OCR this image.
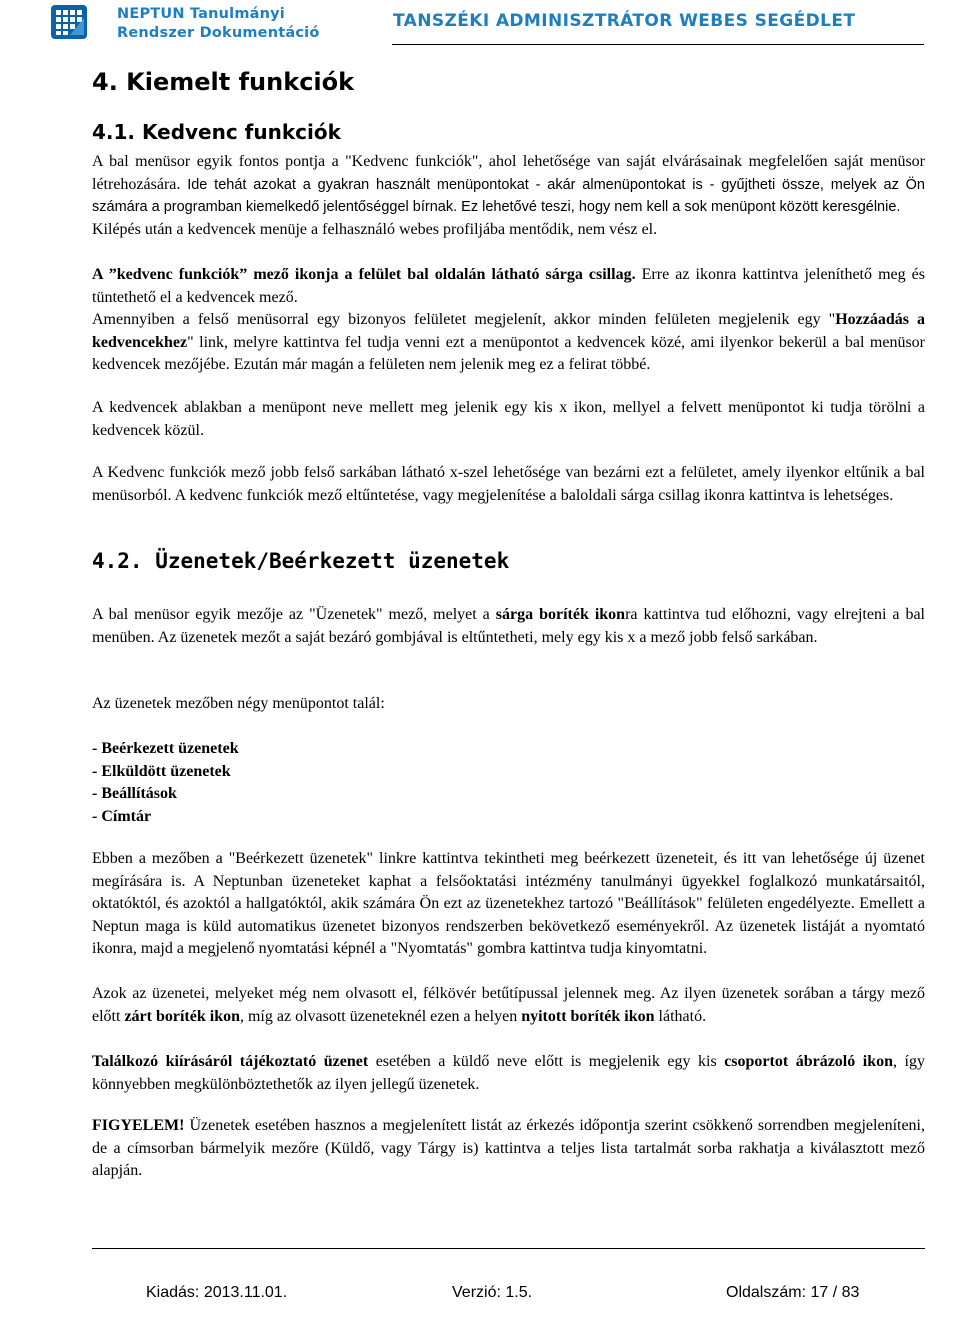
NEPTUN Tanulmányi
Rendszer Dokumentáció
TANSZÉKI ADMINISZTRÁTOR WEBES SEGÉDLET
4. Kiemelt funkciók
4.1. Kedvenc funkciók

A bal menüsor egyik fontos pontja a "Kedvenc funkciók", ahol lehetősége van saját elvárásainak megfelelően saját menüsor létrehozására. Ide tehát azokat a gyakran használt menüpontokat - akár almenüpontokat is - gyűjtheti össze, melyek az Ön számára a programban kiemelkedő jelentőséggel bírnak. Ez lehetővé teszi, hogy nem kell a sok menüpont között keresgélnie.

Kilépés után a kedvencek menüje a felhasználó webes profiljába mentődik, nem vész el.

A ”kedvenc funkciók” mező ikonja a felület bal oldalán látható sárga csillag. Erre az ikonra kattintva jeleníthető meg és tüntethető el a kedvencek mező.

Amennyiben a felső menüsorral egy bizonyos felületet megjelenít, akkor minden felületen megjelenik egy "Hozzáadás a kedvencekhez" link, melyre kattintva fel tudja venni ezt a menüpontot a kedvencek közé, ami ilyenkor bekerül a bal menüsor kedvencek mezőjébe. Ezután már magán a felületen nem jelenik meg ez a felirat többé.

A kedvencek ablakban a menüpont neve mellett meg jelenik egy kis x ikon, mellyel a felvett menüpontot ki tudja törölni a kedvencek közül.

A Kedvenc funkciók mező jobb felső sarkában látható x-szel lehetősége van bezárni ezt a felületet, amely ilyenkor eltűnik a bal menüsorból. A kedvenc funkciók mező eltűntetése, vagy megjelenítése a baloldali sárga csillag ikonra kattintva is lehetséges.

4.2. Üzenetek/Beérkezett üzenetek

A bal menüsor egyik mezője az "Üzenetek" mező, melyet a sárga boríték ikonra kattintva tud előhozni, vagy elrejteni a bal menüben. Az üzenetek mezőt a saját bezáró gombjával is eltűntetheti, mely egy kis x a mező jobb felső sarkában.

Az üzenetek mezőben négy menüpontot talál:

- Beérkezett üzenetek
- Elküldött üzenetek
- Beállítások
- Címtár

Ebben a mezőben a "Beérkezett üzenetek" linkre kattintva tekintheti meg beérkezett üzeneteit, és itt van lehetősége új üzenet megírására is. A Neptunban üzeneteket kaphat a felsőoktatási intézmény tanulmányi ügyekkel foglalkozó munkatársaitól, oktatóktól, és azoktól a hallgatóktól, akik számára Ön ezt az üzenetekhez tartozó "Beállítások" felületen engedélyezte. Emellett a Neptun maga is küld automatikus üzenetet bizonyos rendszerben bekövetkező eseményekről. Az üzenetek listáját a nyomtató ikonra, majd a megjelenő nyomtatási képnél a "Nyomtatás" gombra kattintva tudja kinyomtatni.

Azok az üzenetei, melyeket még nem olvasott el, félkövér betűtípussal jelennek meg. Az ilyen üzenetek sorában a tárgy mező előtt zárt boríték ikon, míg az olvasott üzeneteknél ezen a helyen nyitott boríték ikon látható.

Találkozó kiírásáról tájékoztató üzenet esetében a küldő neve előtt is megjelenik egy kis csoportot ábrázoló ikon, így könnyebben megkülönböztethetők az ilyen jellegű üzenetek.

FIGYELEM! Üzenetek esetében hasznos a megjelenített listát az érkezés időpontja szerint csökkenő sorrendben megjeleníteni, de a címsorban bármelyik mezőre (Küldő, vagy Tárgy is) kattintva a teljes lista tartalmát sorba rakhatja a kiválasztott mező alapján.

Kiadás: 2013.11.01.	Verzió: 1.5.	Oldalszám: 17 / 83
